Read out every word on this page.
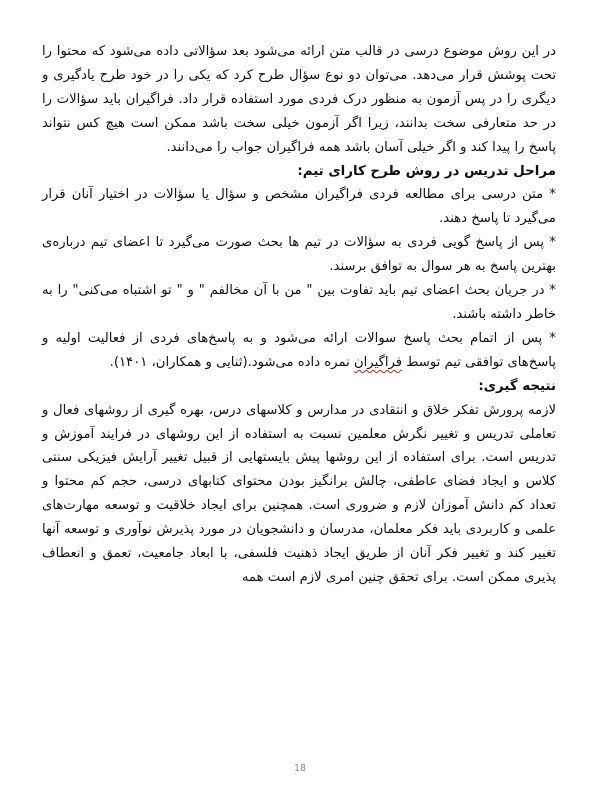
در این روش موضوع درسی در قالب متن ارائه می‌شود بعد سؤالاتی داده می‌شود که محتوا را تحت پوشش قرار می‌دهد. می‌توان دو نوع سؤال طرح کرد که یکی را در خود طرح یادگیری و دیگری را در پس آزمون به منظور درک فردی مورد استفاده قرار داد. فراگیران باید سؤالات را در حد متعارفی سخت بدانند، زیرا اگر آزمون خیلی سخت باشد ممکن است هیچ کس نتواند پاسخ را پیدا کند و اگر خیلی آسان باشد همه فراگیران جواب را می‌دانند.

مراحل تدریس در روش طرح کارای تیم:

* متن درسی برای مطالعه فردی فراگیران مشخص و سؤال یا سؤالات در اختیار آنان قرار می‌گیرد تا پاسخ دهند.

* پس از پاسخ گویی فردی به سؤالات در تیم ها بحث صورت می‌گیرد تا اعضای تیم درباره‌ی بهترین پاسخ به هر سوال به توافق برسند.

* در جریان بحث اعضای تیم باید تفاوت بین " من با آن مخالفم " و " تو اشتباه می‌کنی" را به خاطر داشته باشند.

* پس از اتمام بحث پاسخ سوالات ارائه می‌شود و به پاسخ‌های فردی از فعالیت اولیه و پاسخ‌های توافقی تیم توسط فراگیران نمره داده می‌شود.(ثنایی و همکاران، ۱۴۰۱).

نتیجه گیری:

لازمه پرورش تفکر خلاق و انتقادی در مدارس و کلاسهای درس، بهره گیری از روشهای فعال و تعاملی تدریس و تغییر نگرش معلمین نسبت به استفاده از این روشهای در فرایند آموزش و تدریس است. برای استفاده از این روشها پیش بایستهایی از قبیل تغییر آرایش فیزیکی سنتی کلاس و ایجاد فضای عاطفی، چالش برانگیز بودن محتوای کتابهای درسی، حجم کم محتوا و تعداد کم دانش آموزان لازم و ضروری است. همچنین برای ایجاد خلاقیت و توسعه مهارت‌های علمی و کاربردی باید فکر معلمان، مدرسان و دانشجویان در مورد پذیرش نوآوری و توسعه آنها تغییر کند و تغییر فکر آنان از طریق ایجاد ذهنیت فلسفی، با ابعاد جامعیت، تعمق و انعطاف پذیری ممکن است. برای تحقق چنین امری لازم است همه

18
